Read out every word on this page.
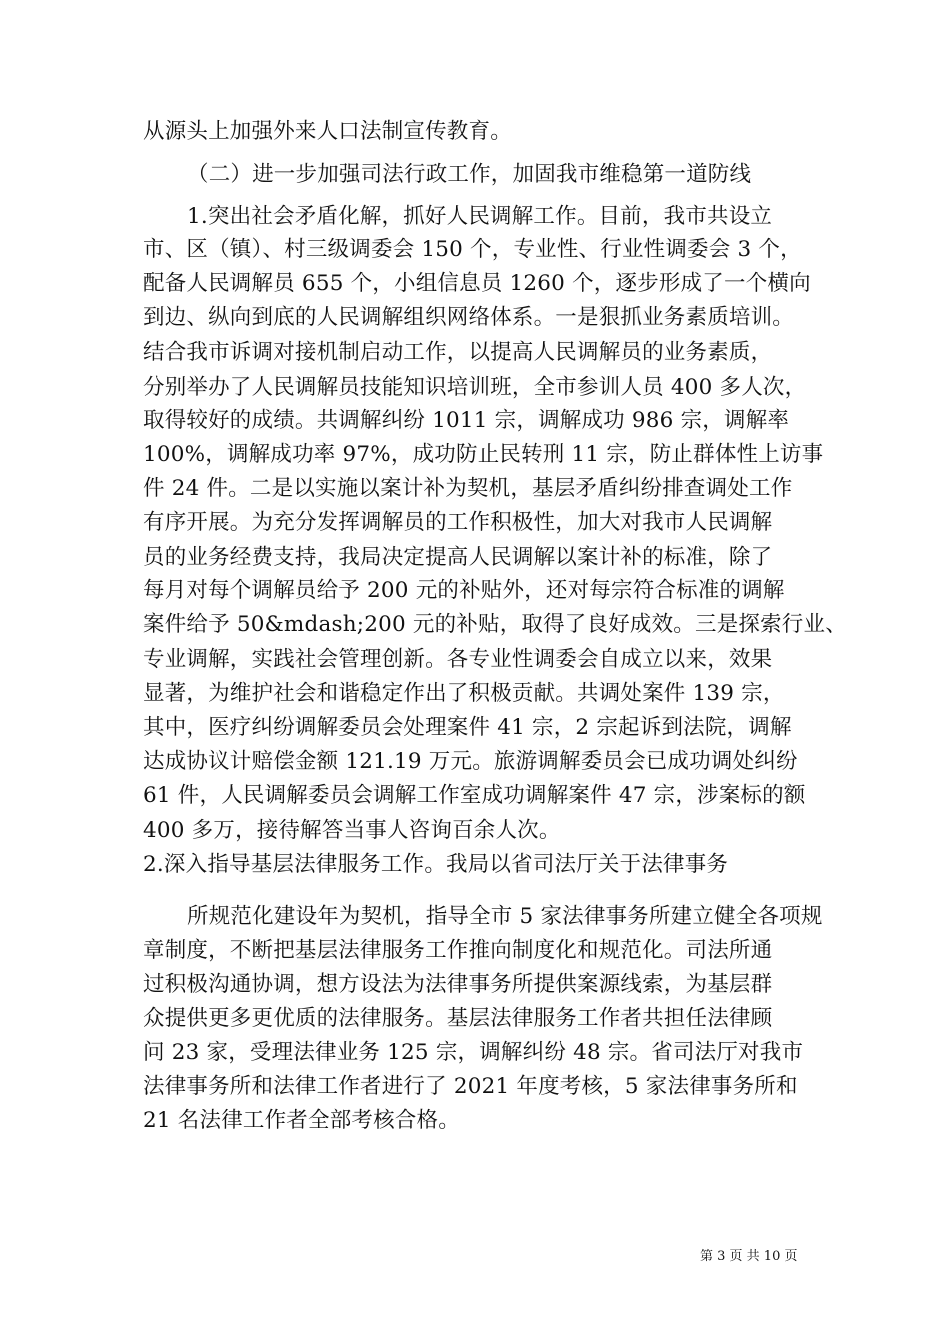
从源头上加强外来人口法制宣传教育。
（二）进一步加强司法行政工作，加固我市维稳第一道防线
1.突出社会矛盾化解，抓好人民调解工作。目前，我市共设立
市、区（镇）、村三级调委会 150 个，专业性、行业性调委会 3 个，
配备人民调解员 655 个，小组信息员 1260 个，逐步形成了一个横向
到边、纵向到底的人民调解组织网络体系。一是狠抓业务素质培训。
结合我市诉调对接机制启动工作，以提高人民调解员的业务素质，
分别举办了人民调解员技能知识培训班，全市参训人员 400 多人次，
取得较好的成绩。共调解纠纷 1011 宗，调解成功 986 宗，调解率
100%，调解成功率 97%，成功防止民转刑 11 宗，防止群体性上访事
件 24 件。二是以实施以案计补为契机，基层矛盾纠纷排查调处工作
有序开展。为充分发挥调解员的工作积极性，加大对我市人民调解
员的业务经费支持，我局决定提高人民调解以案计补的标准，除了
每月对每个调解员给予 200 元的补贴外，还对每宗符合标准的调解
案件给予 50&mdash;200 元的补贴，取得了良好成效。三是探索行业、
专业调解，实践社会管理创新。各专业性调委会自成立以来，效果
显著，为维护社会和谐稳定作出了积极贡献。共调处案件 139 宗，
其中，医疗纠纷调解委员会处理案件 41 宗，2 宗起诉到法院，调解
达成协议计赔偿金额 121.19 万元。旅游调解委员会已成功调处纠纷
61 件，人民调解委员会调解工作室成功调解案件 47 宗，涉案标的额
400 多万，接待解答当事人咨询百余人次。
2.深入指导基层法律服务工作。我局以省司法厅关于法律事务
所规范化建设年为契机，指导全市 5 家法律事务所建立健全各项规
章制度，不断把基层法律服务工作推向制度化和规范化。司法所通
过积极沟通协调，想方设法为法律事务所提供案源线索，为基层群
众提供更多更优质的法律服务。基层法律服务工作者共担任法律顾
问 23 家，受理法律业务 125 宗，调解纠纷 48 宗。省司法厅对我市
法律事务所和法律工作者进行了 2021 年度考核，5 家法律事务所和
21 名法律工作者全部考核合格。
第 3 页 共 10 页
